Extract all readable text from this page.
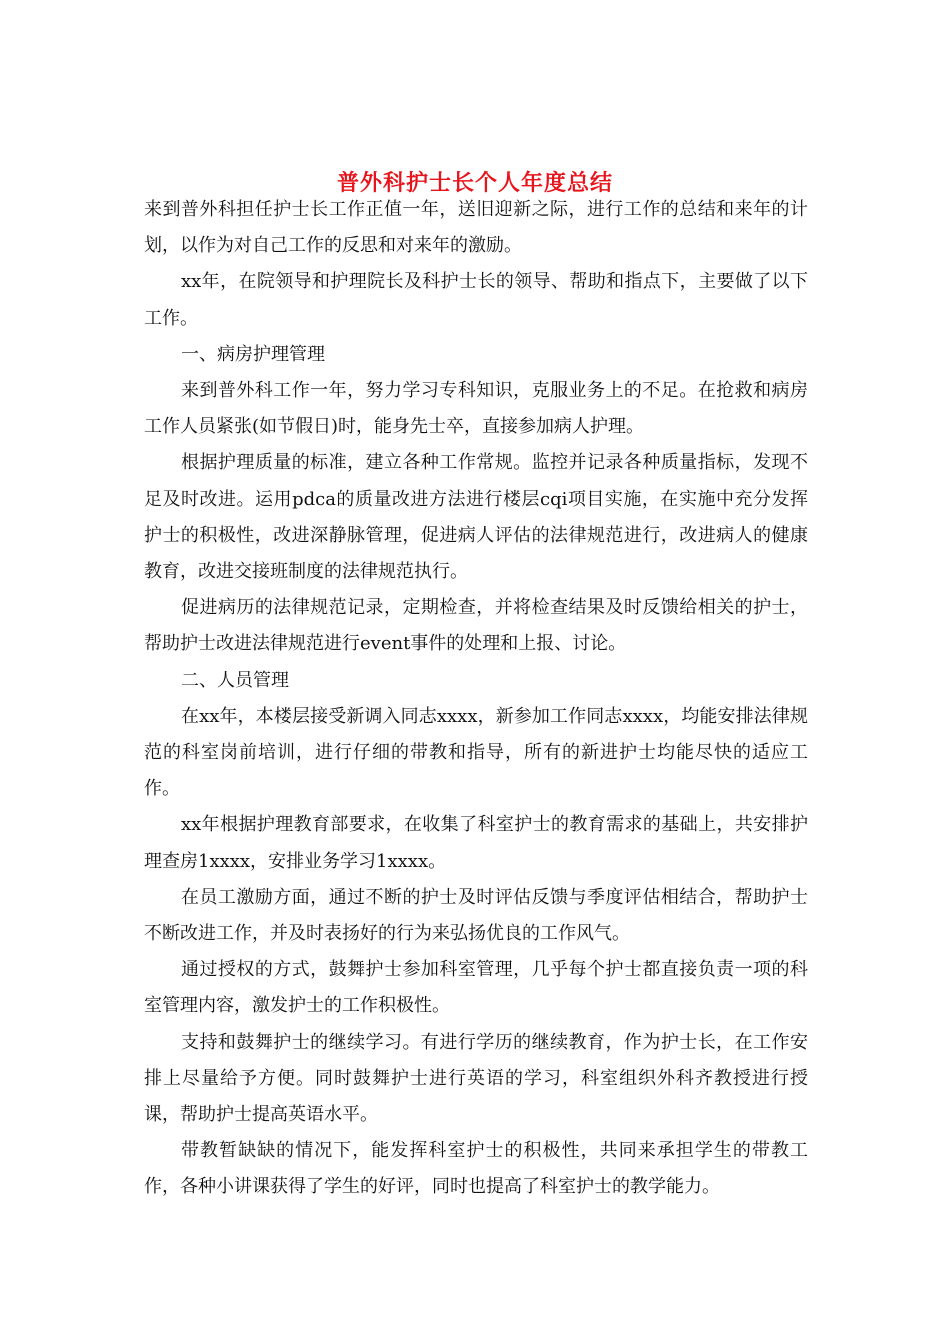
普外科护士长个人年度总结

来到普外科担任护士长工作正值一年，送旧迎新之际，进行工作的总结和来年的计划，以作为对自己工作的反思和对来年的激励。

xx年，在院领导和护理院长及科护士长的领导、帮助和指点下，主要做了以下工作。

一、病房护理管理

来到普外科工作一年，努力学习专科知识，克服业务上的不足。在抢救和病房工作人员紧张(如节假日)时，能身先士卒，直接参加病人护理。

根据护理质量的标准，建立各种工作常规。监控并记录各种质量指标，发现不足及时改进。运用pdca的质量改进方法进行楼层cqi项目实施，在实施中充分发挥护士的积极性，改进深静脉管理，促进病人评估的法律规范进行，改进病人的健康教育，改进交接班制度的法律规范执行。

促进病历的法律规范记录，定期检查，并将检查结果及时反馈给相关的护士，帮助护士改进法律规范进行event事件的处理和上报、讨论。

二、人员管理

在xx年，本楼层接受新调入同志xxxx，新参加工作同志xxxx，均能安排法律规范的科室岗前培训，进行仔细的带教和指导，所有的新进护士均能尽快的适应工作。

xx年根据护理教育部要求，在收集了科室护士的教育需求的基础上，共安排护理查房1xxxx，安排业务学习1xxxx。

在员工激励方面，通过不断的护士及时评估反馈与季度评估相结合，帮助护士不断改进工作，并及时表扬好的行为来弘扬优良的工作风气。

通过授权的方式，鼓舞护士参加科室管理，几乎每个护士都直接负责一项的科室管理内容，激发护士的工作积极性。

支持和鼓舞护士的继续学习。有进行学历的继续教育，作为护士长，在工作安排上尽量给予方便。同时鼓舞护士进行英语的学习，科室组织外科齐教授进行授课，帮助护士提高英语水平。

带教暂缺缺的情况下，能发挥科室护士的积极性，共同来承担学生的带教工作，各种小讲课获得了学生的好评，同时也提高了科室护士的教学能力。
